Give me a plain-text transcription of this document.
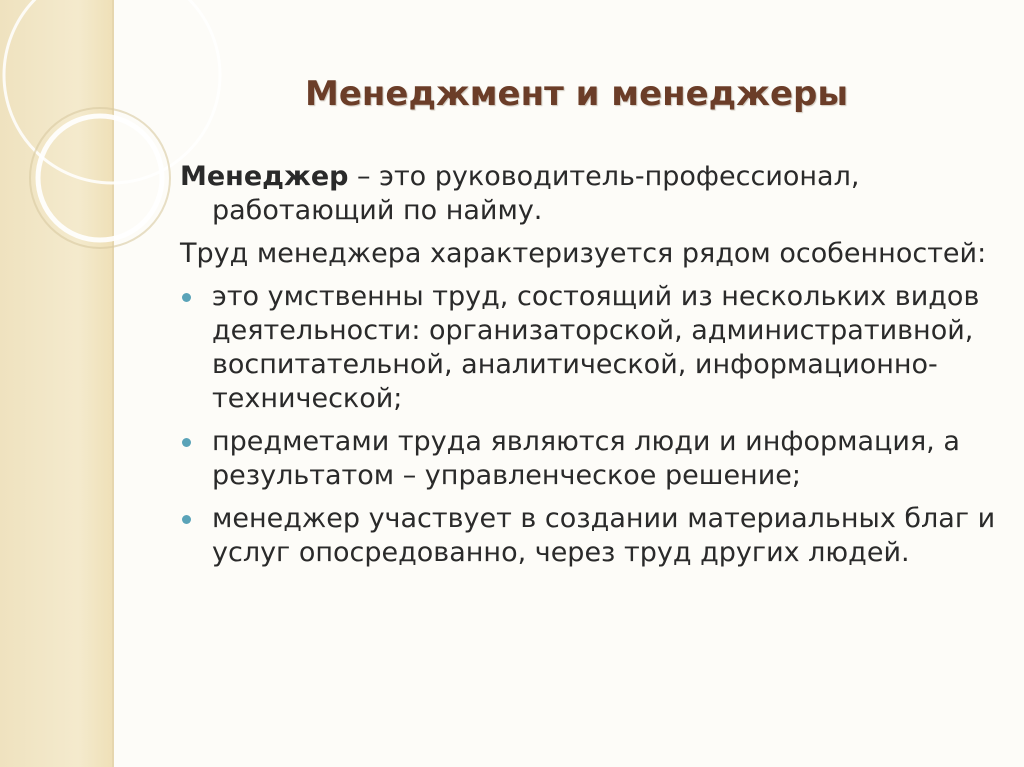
Менеджмент и менеджеры

Менеджер – это руководитель-профессионал, работающий по найму.

Труд менеджера характеризуется рядом особенностей:

это умственны труд, состоящий из нескольких видов деятельности: организаторской, административной, воспитательной, аналитической, информационно-технической;
предметами труда являются люди и информация, а результатом – управленческое решение;
менеджер участвует в создании материальных благ и услуг опосредованно, через труд других людей.
